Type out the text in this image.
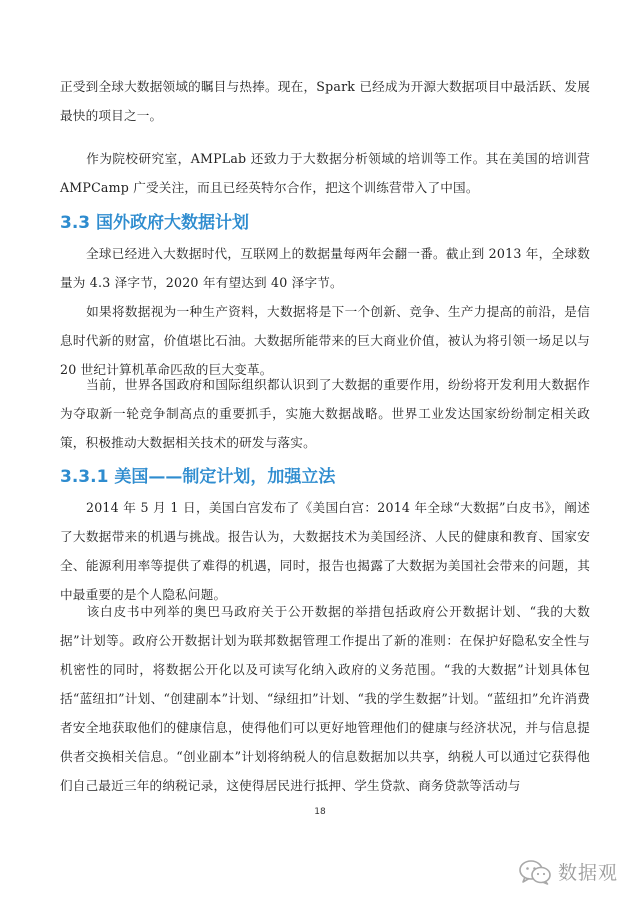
正受到全球大数据领域的瞩目与热捧。现在，Spark 已经成为开源大数据项目中最活跃、发展最快的项目之一。

作为院校研究室，AMPLab 还致力于大数据分析领域的培训等工作。其在美国的培训营 AMPCamp 广受关注，而且已经英特尔合作，把这个训练营带入了中国。

3.3 国外政府大数据计划

全球已经进入大数据时代，互联网上的数据量每两年会翻一番。截止到 2013 年，全球数量为 4.3 泽字节，2020 年有望达到 40 泽字节。

如果将数据视为一种生产资料，大数据将是下一个创新、竞争、生产力提高的前沿，是信息时代新的财富，价值堪比石油。大数据所能带来的巨大商业价值，被认为将引领一场足以与 20 世纪计算机革命匹敌的巨大变革。

当前，世界各国政府和国际组织都认识到了大数据的重要作用，纷纷将开发利用大数据作为夺取新一轮竞争制高点的重要抓手，实施大数据战略。世界工业发达国家纷纷制定相关政策，积极推动大数据相关技术的研发与落实。

3.3.1 美国——制定计划，加强立法

2014 年 5 月 1 日，美国白宫发布了《美国白宫：2014 年全球“大数据”白皮书》，阐述了大数据带来的机遇与挑战。报告认为，大数据技术为美国经济、人民的健康和教育、国家安全、能源利用率等提供了难得的机遇，同时，报告也揭露了大数据为美国社会带来的问题，其中最重要的是个人隐私问题。

该白皮书中列举的奥巴马政府关于公开数据的举措包括政府公开数据计划、“我的大数据”计划等。政府公开数据计划为联邦数据管理工作提出了新的准则：在保护好隐私安全性与机密性的同时，将数据公开化以及可读写化纳入政府的义务范围。“我的大数据”计划具体包括“蓝纽扣”计划、“创建副本”计划、“绿纽扣”计划、“我的学生数据”计划。“蓝纽扣”允许消费者安全地获取他们的健康信息，使得他们可以更好地管理他们的健康与经济状况，并与信息提供者交换相关信息。“创业副本”计划将纳税人的信息数据加以共享，纳税人可以通过它获得他们自己最近三年的纳税记录，这使得居民进行抵押、学生贷款、商务贷款等活动与

18

数据观
